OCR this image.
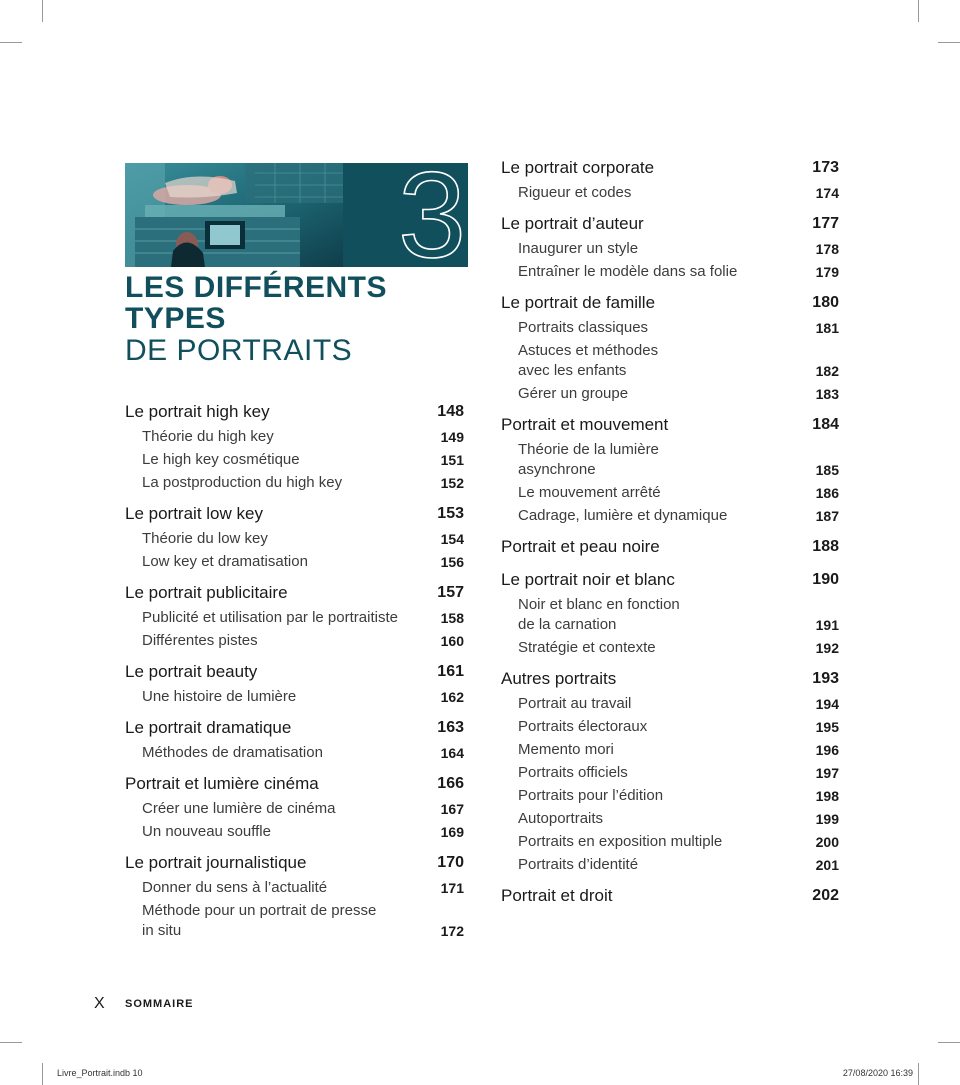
3
LES DIFFÉRENTS
TYPES
DE PORTRAITS
Le portrait high key	148
Théorie du high key	149
Le high key cosmétique	151
La postproduction du high key	152
Le portrait low key	153
Théorie du low key	154
Low key et dramatisation	156
Le portrait publicitaire	157
Publicité et utilisation par le portraitiste	158
Différentes pistes	160
Le portrait beauty	161
Une histoire de lumière	162
Le portrait dramatique	163
Méthodes de dramatisation	164
Portrait et lumière cinéma	166
Créer une lumière de cinéma	167
Un nouveau souffle	169
Le portrait journalistique	170
Donner du sens à l’actualité	171
Méthode pour un portrait de presse
in situ	172
Le portrait corporate	173
Rigueur et codes	174
Le portrait d’auteur	177
Inaugurer un style	178
Entraîner le modèle dans sa folie	179
Le portrait de famille	180
Portraits classiques	181
Astuces et méthodes
avec les enfants	182
Gérer un groupe	183
Portrait et mouvement	184
Théorie de la lumière
asynchrone	185
Le mouvement arrêté	186
Cadrage, lumière et dynamique	187
Portrait et peau noire	188
Le portrait noir et blanc	190
Noir et blanc en fonction
de la carnation	191
Stratégie et contexte	192
Autres portraits	193
Portrait au travail	194
Portraits électoraux	195
Memento mori	196
Portraits officiels	197
Portraits pour l’édition	198
Autoportraits	199
Portraits en exposition multiple	200
Portraits d’identité	201
Portrait et droit	202
X SOMMAIRE
Livre_Portrait.indb 10	27/08/2020 16:39
